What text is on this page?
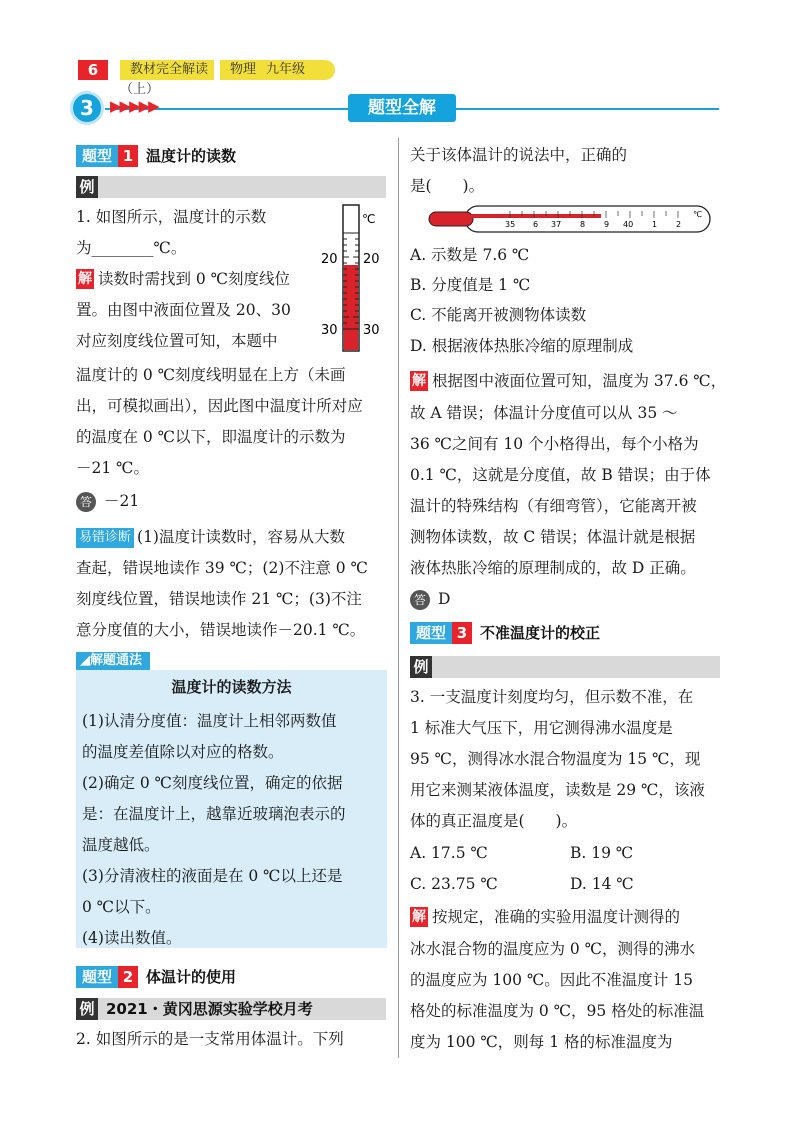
6	教材完全解读 物理 九年级（上）
3	▶▶▶▶▶	题型全解
题型 1 温度计的读数
例
1. 如图所示，温度计的示数
为________℃。
解 读数时需找到 0 ℃刻度线位
置。由图中液面位置及 20、30
对应刻度线位置可知，本题中
温度计的 0 ℃刻度线明显在上方（未画
出，可模拟画出），因此图中温度计所对应
的温度在 0 ℃以下，即温度计的示数为
－21 ℃。
答 －21
易错诊断 (1)温度计读数时，容易从大数
查起，错误地读作 39 ℃；(2)不注意 0 ℃
刻度线位置，错误地读作 21 ℃；(3)不注
意分度值的大小，错误地读作－20.1 ℃。
℃
20 20
30 30
◢解题通法
温度计的读数方法
(1)认清分度值：温度计上相邻两数值
的温度差值除以对应的格数。
(2)确定 0 ℃刻度线位置，确定的依据
是：在温度计上，越靠近玻璃泡表示的
温度越低。
(3)分清液柱的液面是在 0 ℃以上还是
0 ℃以下。
(4)读出数值。
题型 2 体温计的使用
例 2021・黄冈思源实验学校月考
2. 如图所示的是一支常用体温计。下列
关于该体温计的说法中，正确的
是(　　)。
35 6 37 8 9 40 1 2
℃
A. 示数是 7.6 ℃
B. 分度值是 1 ℃
C. 不能离开被测物体读数
D. 根据液体热胀冷缩的原理制成
解 根据图中液面位置可知，温度为 37.6 ℃，
故 A 错误；体温计分度值可以从 35 ～
36 ℃之间有 10 个小格得出，每个小格为
0.1 ℃，这就是分度值，故 B 错误；由于体
温计的特殊结构（有细弯管），它能离开被
测物体读数，故 C 错误；体温计就是根据
液体热胀冷缩的原理制成的，故 D 正确。
答 D
题型 3 不准温度计的校正
例
3. 一支温度计刻度均匀，但示数不准，在
1 标准大气压下，用它测得沸水温度是
95 ℃，测得冰水混合物温度为 15 ℃，现
用它来测某液体温度，读数是 29 ℃，该液
体的真正温度是(　　)。
A. 17.5 ℃	B. 19 ℃
C. 23.75 ℃	D. 14 ℃
解 按规定，准确的实验用温度计测得的
冰水混合物的温度应为 0 ℃，测得的沸水
的温度应为 100 ℃。因此不准温度计 15
格处的标准温度为 0 ℃，95 格处的标准温
度为 100 ℃，则每 1 格的标准温度为
